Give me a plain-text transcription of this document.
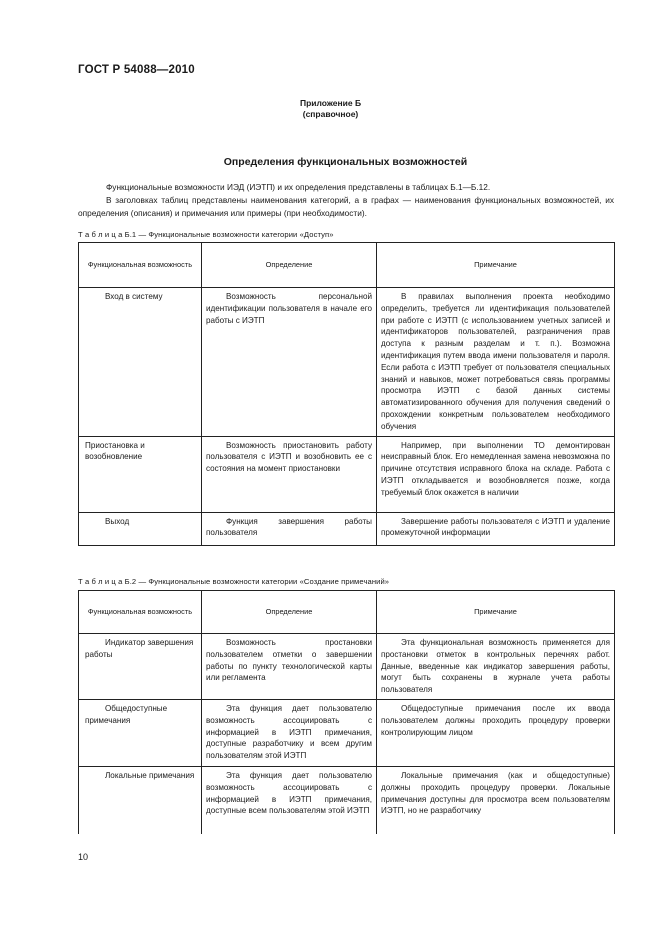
ГОСТ Р 54088—2010
Приложение Б
(справочное)
Определения функциональных возможностей
Функциональные возможности ИЭД (ИЭТП) и их определения представлены в таблицах Б.1—Б.12.
В заголовках таблиц представлены наименования категорий, а в графах — наименования функциональных возможностей, их определения (описания) и примечания или примеры (при необходимости).
Т а б л и ц а Б.1 — Функциональные возможности категории «Доступ»
Функциональная возможность	Определение	Примечание
Вход в систему	Возможность персональной идентификации пользователя в начале его работы с ИЭТП	В правилах выполнения проекта необходимо определить, требуется ли идентификация пользователей при работе с ИЭТП (с использованием учетных записей и идентификаторов пользователей, разграничения прав доступа к разным разделам и т. п.). Возможна идентификация путем ввода имени пользователя и пароля. Если работа с ИЭТП требует от пользователя специальных знаний и навыков, может потребоваться связь программы просмотра ИЭТП с базой данных системы автоматизированного обучения для получения сведений о прохождении конкретным пользователем необходимого обучения
Приостановка и возобновление	Возможность приостановить работу пользователя с ИЭТП и возобновить ее с состояния на момент приостановки	Например, при выполнении ТО демонтирован неисправный блок. Его немедленная замена невозможна по причине отсутствия исправного блока на складе. Работа с ИЭТП откладывается и возобновляется позже, когда требуемый блок окажется в наличии
Выход	Функция завершения работы пользователя	Завершение работы пользователя с ИЭТП и удаление промежуточной информации
Т а б л и ц а Б.2 — Функциональные возможности категории «Создание примечаний»
Функциональная возможность	Определение	Примечание
Индикатор завершения работы	Возможность простановки пользователем отметки о завершении работы по пункту технологической карты или регламента	Эта функциональная возможность применяется для простановки отметок в контрольных перечнях работ. Данные, введенные как индикатор завершения работы, могут быть сохранены в журнале учета работы пользователя
Общедоступные примечания	Эта функция дает пользователю возможность ассоциировать с информацией в ИЭТП примечания, доступные разработчику и всем другим пользователям этой ИЭТП	Общедоступные примечания после их ввода пользователем должны проходить процедуру проверки контролирующим лицом
Локальные примечания	Эта функция дает пользователю возможность ассоциировать с информацией в ИЭТП примечания, доступные всем пользователям этой ИЭТП	Локальные примечания (как и общедоступные) должны проходить процедуру проверки. Локальные примечания доступны для просмотра всем пользователям ИЭТП, но не разработчику
10
